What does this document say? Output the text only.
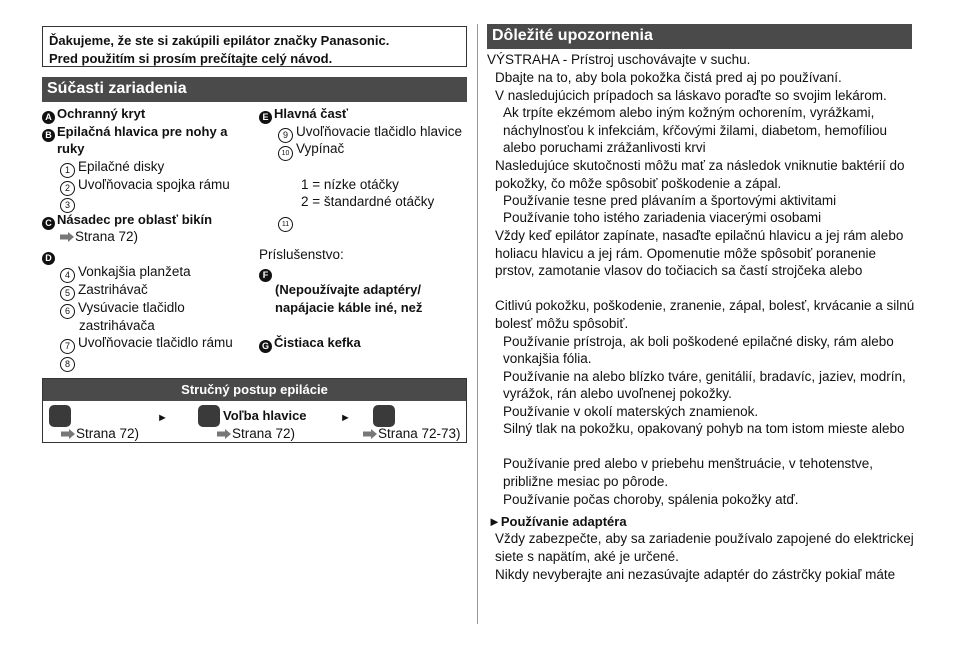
Ďakujeme, že ste si zakúpili epilátor značky Panasonic.
Pred použitím si prosím prečítajte celý návod.
Súčasti zariadenia
A Ochranný kryt
B Epilačná hlavica pre nohy a
ruky
1 Epilačné disky
2 Uvoľňovacia spojka rámu
3
C Násadec pre oblasť bikín
Strana 72)
D
4 Vonkajšia planžeta
5 Zastrihávač
6 Vysúvacie tlačidlo
zastrihávača
7 Uvoľňovacie tlačidlo rámu
8
E Hlavná časť
9 Uvoľňovacie tlačidlo hlavice
10 Vypínač
1 = nízke otáčky
2 = štandardné otáčky
11
Príslušenstvo:
F
(Nepoužívajte adaptéry/
napájacie káble iné, než
G Čistiaca kefka
Stručný postup epilácie
►	Voľba hlavice	►
Strana 72)	Strana 72)	Strana 72-73)
Dôležité upozornenia
VÝSTRAHA - Prístroj uschovávajte v suchu.
Dbajte na to, aby bola pokožka čistá pred aj po používaní.
V nasledujúcich prípadoch sa láskavo poraďte so svojim lekárom.
Ak trpíte ekzémom alebo iným kožným ochorením, vyrážkami,
náchylnosťou k infekciám, kŕčovými žilami, diabetom, hemofíliou
alebo poruchami zrážanlivosti krvi
Nasledujúce skutočnosti môžu mať za následok vniknutie baktérií do
pokožky, čo môže spôsobiť poškodenie a zápal.
Používanie tesne pred plávaním a športovými aktivitami
Používanie toho istého zariadenia viacerými osobami
Vždy keď epilátor zapínate, nasaďte epilačnú hlavicu a jej rám alebo
holiacu hlavicu a jej rám. Opomenutie môže spôsobiť poranenie
prstov, zamotanie vlasov do točiacich sa častí strojčeka alebo
Citlivú pokožku, poškodenie, zranenie, zápal, bolesť, krvácanie a silnú
bolesť môžu spôsobiť.
Používanie prístroja, ak boli poškodené epilačné disky, rám alebo
vonkajšia fólia.
Používanie na alebo blízko tváre, genitálií, bradavíc, jaziev, modrín,
vyrážok, rán alebo uvoľnenej pokožky.
Používanie v okolí materských znamienok.
Silný tlak na pokožku, opakovaný pohyb na tom istom mieste alebo
Používanie pred alebo v priebehu menštruácie, v tehotenstve,
približne mesiac po pôrode.
Používanie počas choroby, spálenia pokožky atď.
►Používanie adaptéra
Vždy zabezpečte, aby sa zariadenie používalo zapojené do elektrickej
siete s napätím, aké je určené.
Nikdy nevyberajte ani nezasúvajte adaptér do zástrčky pokiaľ máte
